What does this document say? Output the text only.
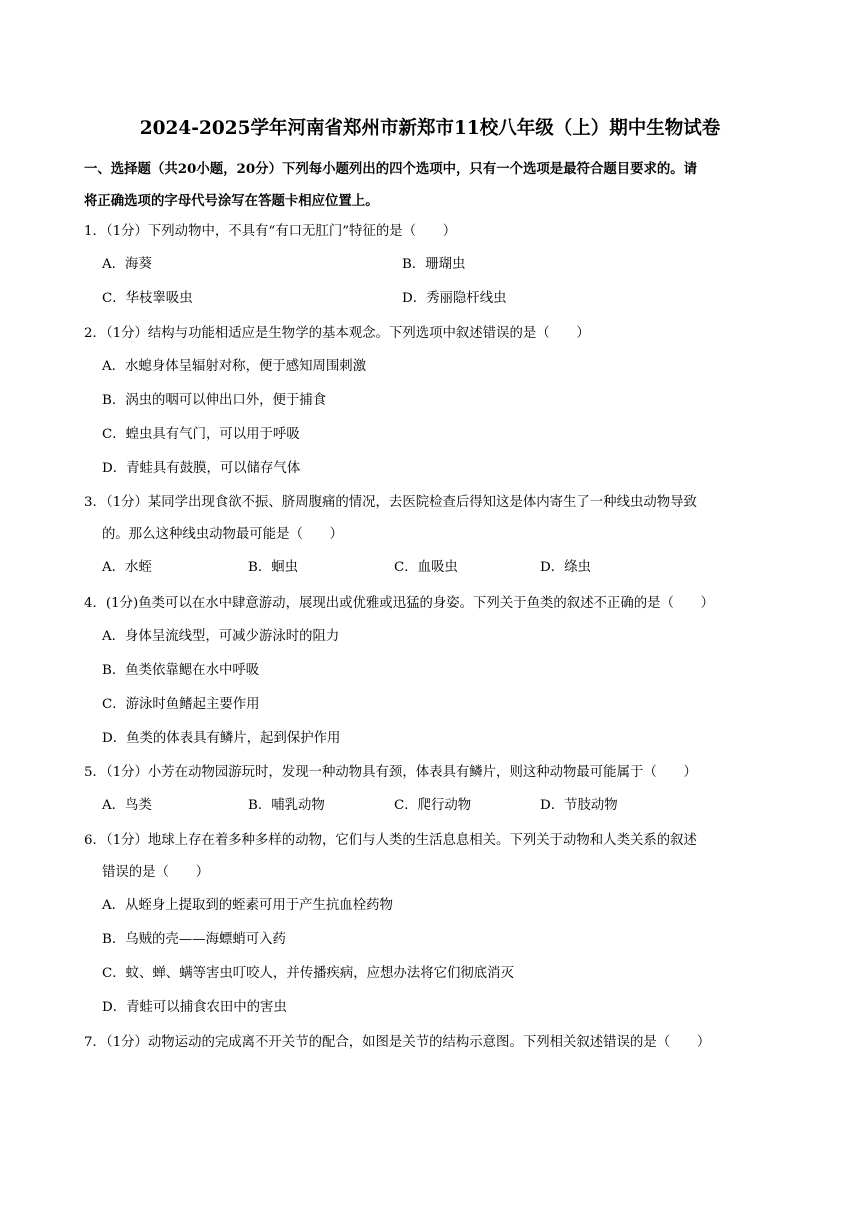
2024-2025学年河南省郑州市新郑市11校八年级（上）期中生物试卷
一、选择题（共20小题，20分）下列每小题列出的四个选项中，只有一个选项是最符合题目要求的。请
将正确选项的字母代号涂写在答题卡相应位置上。
1．（1分）下列动物中，不具有“有口无肛门”特征的是（　　）
A．海葵	B．珊瑚虫
C．华枝睾吸虫	D．秀丽隐杆线虫
2．（1分）结构与功能相适应是生物学的基本观念。下列选项中叙述错误的是（　　）
A．水螅身体呈辐射对称，便于感知周围刺激
B．涡虫的咽可以伸出口外，便于捕食
C．蝗虫具有气门，可以用于呼吸
D．青蛙具有鼓膜，可以储存气体
3．（1分）某同学出现食欲不振、脐周腹痛的情况，去医院检查后得知这是体内寄生了一种线虫动物导致
的。那么这种线虫动物最可能是（　　）
A．水蛭	B．蛔虫	C．血吸虫	D．绦虫
4．(1分)鱼类可以在水中肆意游动，展现出或优雅或迅猛的身姿。下列关于鱼类的叙述不正确的是（　　）
A．身体呈流线型，可减少游泳时的阻力
B．鱼类依靠鳃在水中呼吸
C．游泳时鱼鳍起主要作用
D．鱼类的体表具有鳞片，起到保护作用
5．（1分）小芳在动物园游玩时，发现一种动物具有颈，体表具有鳞片，则这种动物最可能属于（　　）
A．鸟类	B．哺乳动物	C．爬行动物	D．节肢动物
6．（1分）地球上存在着多种多样的动物，它们与人类的生活息息相关。下列关于动物和人类关系的叙述
错误的是（　　）
A．从蛭身上提取到的蛭素可用于产生抗血栓药物
B．乌贼的壳——海螵蛸可入药
C．蚊、蝉、螨等害虫叮咬人，并传播疾病，应想办法将它们彻底消灭
D．青蛙可以捕食农田中的害虫
7．（1分）动物运动的完成离不开关节的配合，如图是关节的结构示意图。下列相关叙述错误的是（　　）
